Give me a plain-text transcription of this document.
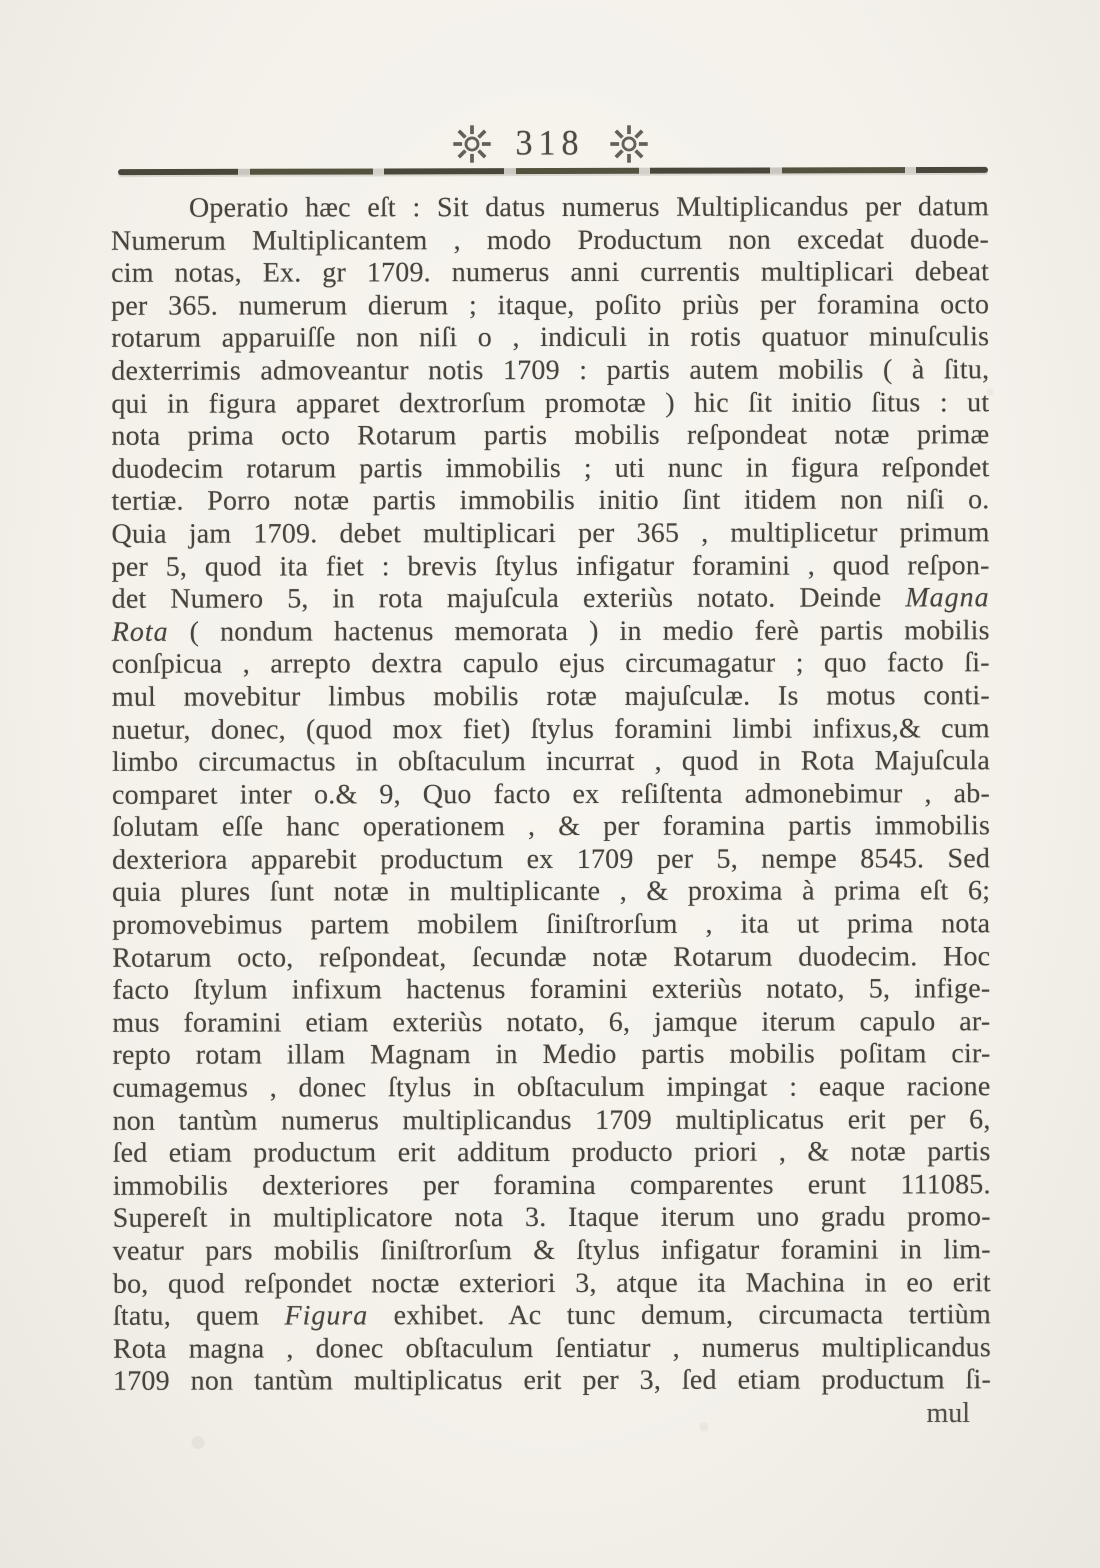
318
Operatio hæc eſt : Sit datus numerus Multiplicandus per datum
Numerum Multiplicantem , modo Productum non excedat duode-
cim notas, Ex. gr 1709. numerus anni currentis multiplicari debeat
per 365. numerum dierum ; itaque, poſito priùs per foramina octo
rotarum apparuiſſe non niſi o , indiculi in rotis quatuor minuſculis
dexterrimis admoveantur notis 1709 : partis autem mobilis ( à ſitu,
qui in figura apparet dextrorſum promotæ ) hic ſit initio ſitus : ut
nota prima octo Rotarum partis mobilis reſpondeat notæ primæ
duodecim rotarum partis immobilis ; uti nunc in figura reſpondet
tertiæ. Porro notæ partis immobilis initio ſint itidem non niſi o.
Quia jam 1709. debet multiplicari per 365 , multiplicetur primum
per 5, quod ita fiet : brevis ſtylus infigatur foramini , quod reſpon-
det Numero 5, in rota majuſcula exteriùs notato. Deinde Magna
Rota ( nondum hactenus memorata ) in medio ferè partis mobilis
conſpicua , arrepto dextra capulo ejus circumagatur ; quo facto ſi-
mul movebitur limbus mobilis rotæ majuſculæ. Is motus conti-
nuetur, donec, (quod mox fiet) ſtylus foramini limbi infixus,& cum
limbo circumactus in obſtaculum incurrat , quod in Rota Majuſcula
comparet inter o.& 9, Quo facto ex reſiſtenta admonebimur , ab-
ſolutam eſſe hanc operationem , & per foramina partis immobilis
dexteriora apparebit productum ex 1709 per 5, nempe 8545. Sed
quia plures ſunt notæ in multiplicante , & proxima à prima eſt 6;
promovebimus partem mobilem ſiniſtrorſum , ita ut prima nota
Rotarum octo, reſpondeat, ſecundæ notæ Rotarum duodecim. Hoc
facto ſtylum infixum hactenus foramini exteriùs notato, 5, infige-
mus foramini etiam exteriùs notato, 6, jamque iterum capulo ar-
repto rotam illam Magnam in Medio partis mobilis poſitam cir-
cumagemus , donec ſtylus in obſtaculum impingat : eaque racione
non tantùm numerus multiplicandus 1709 multiplicatus erit per 6,
ſed etiam productum erit additum producto priori , & notæ partis
immobilis dexteriores per foramina comparentes erunt 111085.
Supereſt in multiplicatore nota 3. Itaque iterum uno gradu promo-
veatur pars mobilis ſiniſtrorſum & ſtylus infigatur foramini in lim-
bo, quod reſpondet noctæ exteriori 3, atque ita Machina in eo erit
ſtatu, quem Figura exhibet. Ac tunc demum, circumacta tertiùm
Rota magna , donec obſtaculum ſentiatur , numerus multiplicandus
1709 non tantùm multiplicatus erit per 3, ſed etiam productum ſi-
mul
